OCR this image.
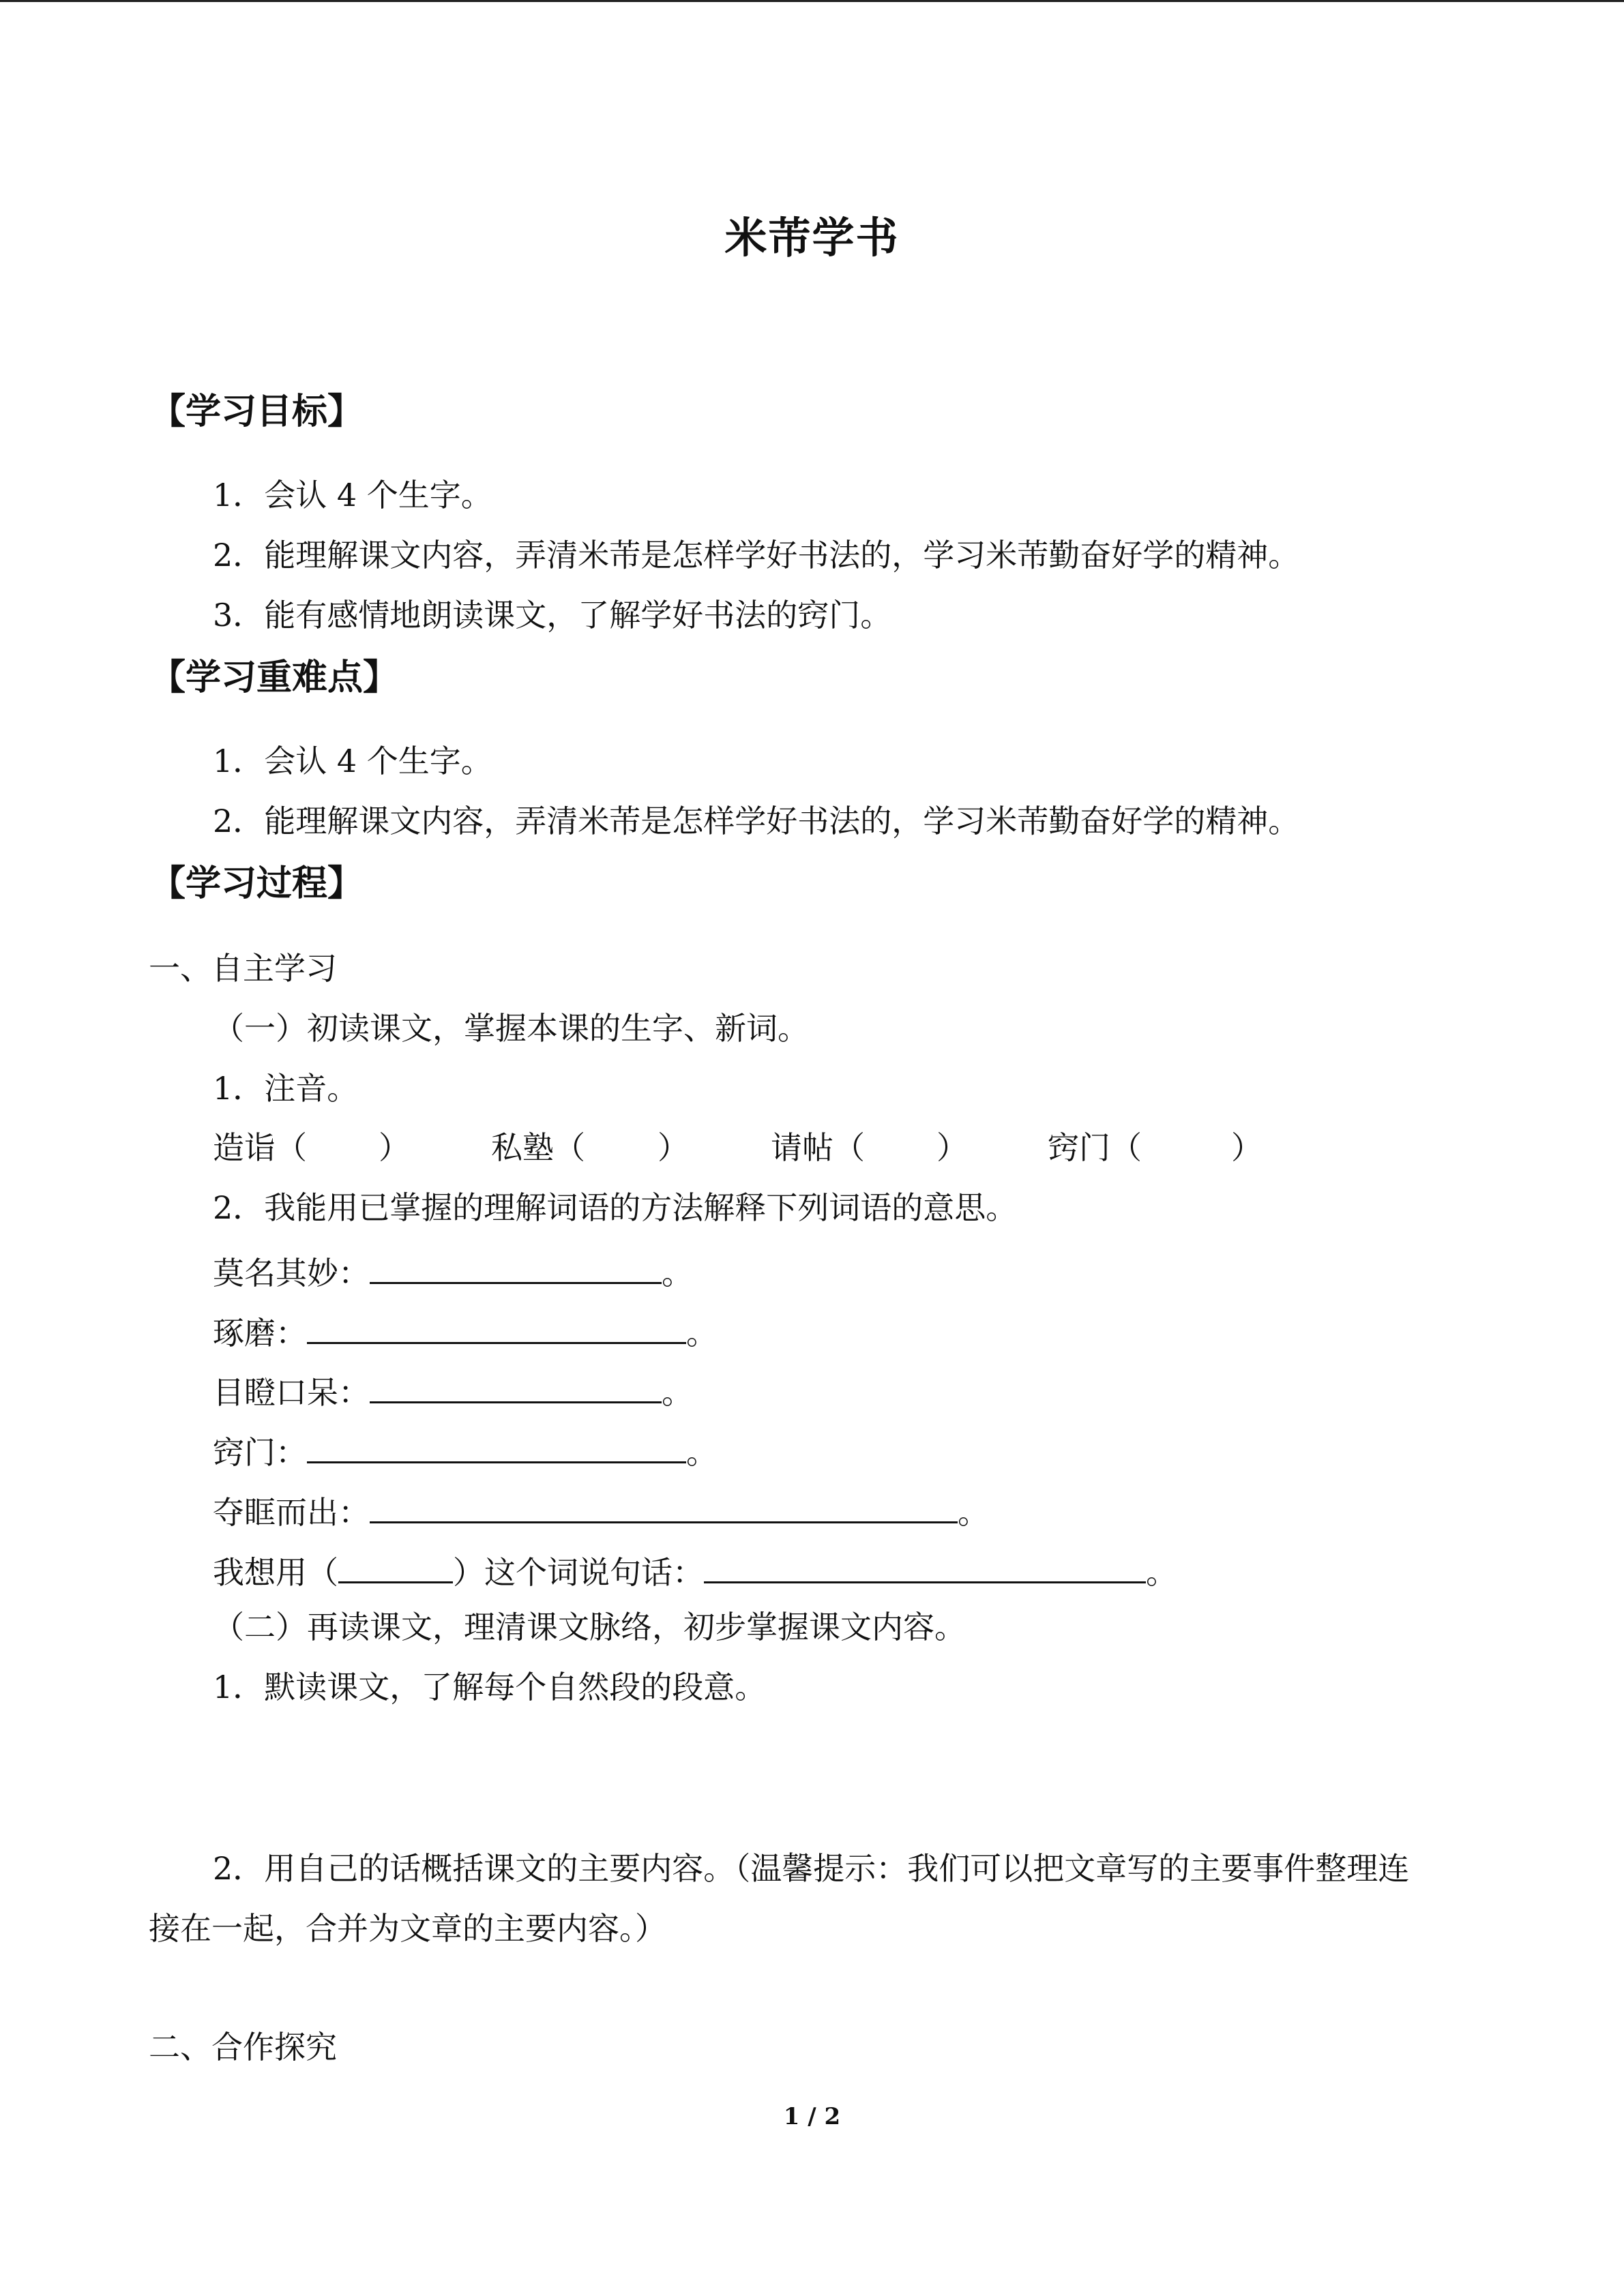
米芾学书
【学习目标】
1．会认 4 个生字。
2．能理解课文内容，弄清米芾是怎样学好书法的，学习米芾勤奋好学的精神。
3．能有感情地朗读课文，了解学好书法的窍门。
【学习重难点】
1．会认 4 个生字。
2．能理解课文内容，弄清米芾是怎样学好书法的，学习米芾勤奋好学的精神。
【学习过程】
一、自主学习
（一）初读课文，掌握本课的生字、新词。
1．注音。
造诣（ ）	私塾（ ）	请帖（ ）	窍门（	）
2．我能用已掌握的理解词语的方法解释下列词语的意思。
莫名其妙：	。
琢磨：	。
目瞪口呆：	。
窍门：	。
夺眶而出：	。
我想用（	）这个词说句话：	。
（二）再读课文，理清课文脉络，初步掌握课文内容。
1．默读课文，了解每个自然段的段意。
2．用自己的话概括课文的主要内容。（温馨提示：我们可以把文章写的主要事件整理连
接在一起，合并为文章的主要内容。）
二、合作探究
1 / 2
